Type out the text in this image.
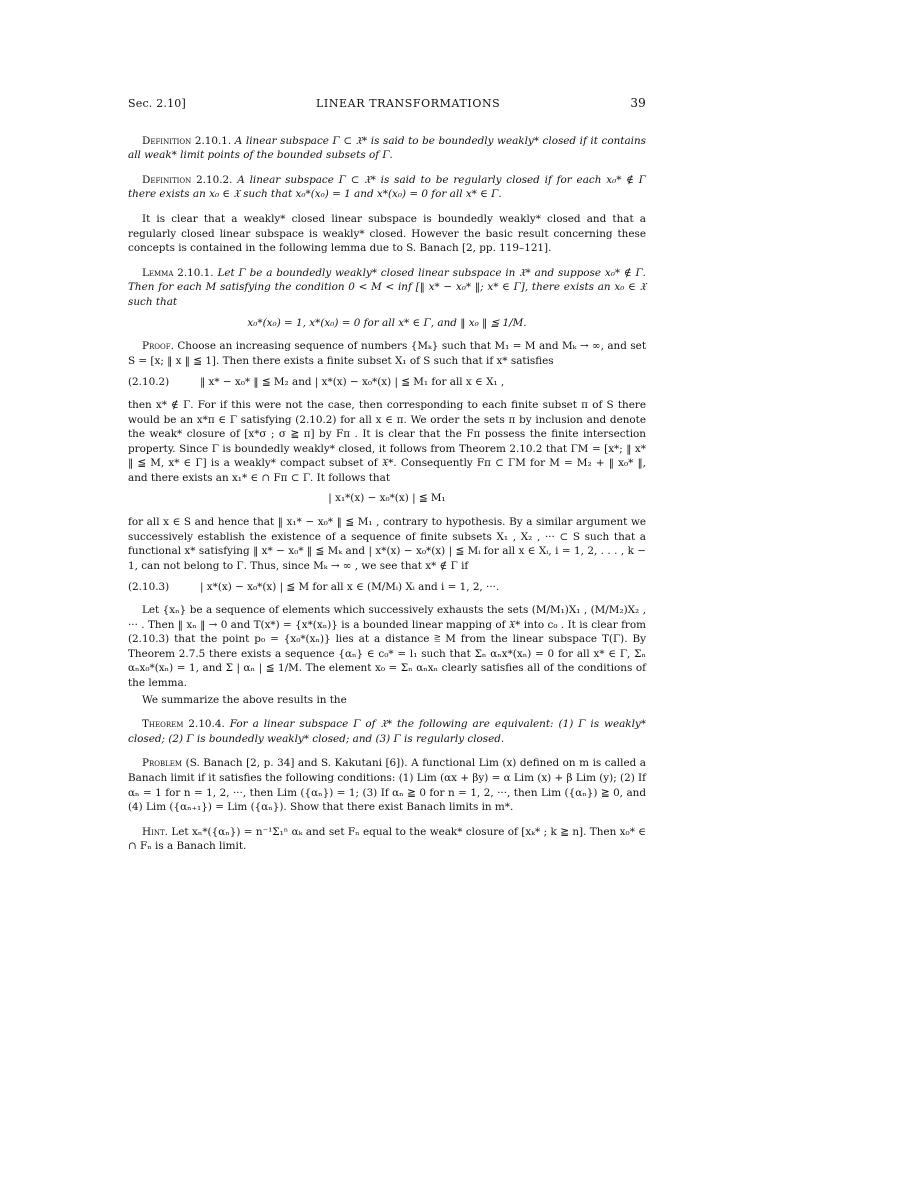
Sec. 2.10]	LINEAR TRANSFORMATIONS	39

Definition 2.10.1. A linear subspace Γ ⊂ 𝔛* is said to be boundedly weakly* closed if it contains all weak* limit points of the bounded subsets of Γ.

Definition 2.10.2. A linear subspace Γ ⊂ 𝔛* is said to be regularly closed if for each x₀* ∉ Γ there exists an x₀ ∈ 𝔛 such that x₀*(x₀) = 1 and x*(x₀) = 0 for all x* ∈ Γ.

It is clear that a weakly* closed linear subspace is boundedly weakly* closed and that a regularly closed linear subspace is weakly* closed. However the basic result concerning these concepts is contained in the following lemma due to S. Banach [2, pp. 119–121].

Lemma 2.10.1. Let Γ be a boundedly weakly* closed linear subspace in 𝔛* and suppose x₀* ∉ Γ. Then for each M satisfying the condition 0 < M < inf [‖ x* − x₀* ‖; x* ∈ Γ], there exists an x₀ ∈ 𝔛 such that

x₀*(x₀) = 1, x*(x₀) = 0 for all x* ∈ Γ, and ‖ x₀ ‖ ≦ 1/M.

Proof. Choose an increasing sequence of numbers {Mₖ} such that M₁ = M and Mₖ → ∞, and set S = [x; ‖ x ‖ ≦ 1]. Then there exists a finite subset X₁ of S such that if x* satisfies

(2.10.2)	‖ x* − x₀* ‖ ≦ M₂ and | x*(x) − x₀*(x) | ≦ M₁ for all x ∈ X₁ ,

then x* ∉ Γ. For if this were not the case, then corresponding to each finite subset π of S there would be an x*π ∈ Γ satisfying (2.10.2) for all x ∈ π. We order the sets π by inclusion and denote the weak* closure of [x*σ ; σ ≧ π] by Fπ . It is clear that the Fπ possess the finite intersection property. Since Γ is boundedly weakly* closed, it follows from Theorem 2.10.2 that ΓM = [x*; ‖ x* ‖ ≦ M, x* ∈ Γ] is a weakly* compact subset of 𝔛*. Consequently Fπ ⊂ ΓM for M = M₂ + ‖ x₀* ‖, and there exists an x₁* ∈ ∩ Fπ ⊂ Γ. It follows that

| x₁*(x) − x₀*(x) | ≦ M₁

for all x ∈ S and hence that ‖ x₁* − x₀* ‖ ≦ M₁ , contrary to hypothesis. By a similar argument we successively establish the existence of a sequence of finite subsets X₁ , X₂ , ··· ⊂ S such that a functional x* satisfying ‖ x* − x₀* ‖ ≦ Mₖ and | x*(x) − x₀*(x) | ≦ Mᵢ for all x ∈ Xᵢ, i = 1, 2, . . . , k − 1, can not belong to Γ. Thus, since Mₖ → ∞ , we see that x* ∉ Γ if

(2.10.3)	| x*(x) − x₀*(x) | ≦ M for all x ∈ (M/Mᵢ) Xᵢ and i = 1, 2, ···.

Let {xₙ} be a sequence of elements which successively exhausts the sets (M/M₁)X₁ , (M/M₂)X₂ , ··· . Then ‖ xₙ ‖ → 0 and T(x*) = {x*(xₙ)} is a bounded linear mapping of 𝔛* into c₀ . It is clear from (2.10.3) that the point p₀ = {x₀*(xₙ)} lies at a distance ≧ M from the linear subspace T(Γ). By Theorem 2.7.5 there exists a sequence {αₙ} ∈ c₀* = l₁ such that Σₙ αₙx*(xₙ) = 0 for all x* ∈ Γ, Σₙ αₙx₀*(xₙ) = 1, and Σ | αₙ | ≦ 1/M. The element x₀ = Σₙ αₙxₙ clearly satisfies all of the conditions of the lemma.

We summarize the above results in the

Theorem 2.10.4. For a linear subspace Γ of 𝔛* the following are equivalent: (1) Γ is weakly* closed; (2) Γ is boundedly weakly* closed; and (3) Γ is regularly closed.

Problem (S. Banach [2, p. 34] and S. Kakutani [6]). A functional Lim (x) defined on m is called a Banach limit if it satisfies the following conditions: (1) Lim (αx + βy) = α Lim (x) + β Lim (y); (2) If αₙ = 1 for n = 1, 2, ···, then Lim ({αₙ}) = 1; (3) If αₙ ≧ 0 for n = 1, 2, ···, then Lim ({αₙ}) ≧ 0, and (4) Lim ({αₙ₊₁}) = Lim ({αₙ}). Show that there exist Banach limits in m*.

Hint. Let xₙ*({αₙ}) = n⁻¹Σ₁ⁿ αₖ and set Fₙ equal to the weak* closure of [xₖ* ; k ≧ n]. Then x₀* ∈ ∩ Fₙ is a Banach limit.
